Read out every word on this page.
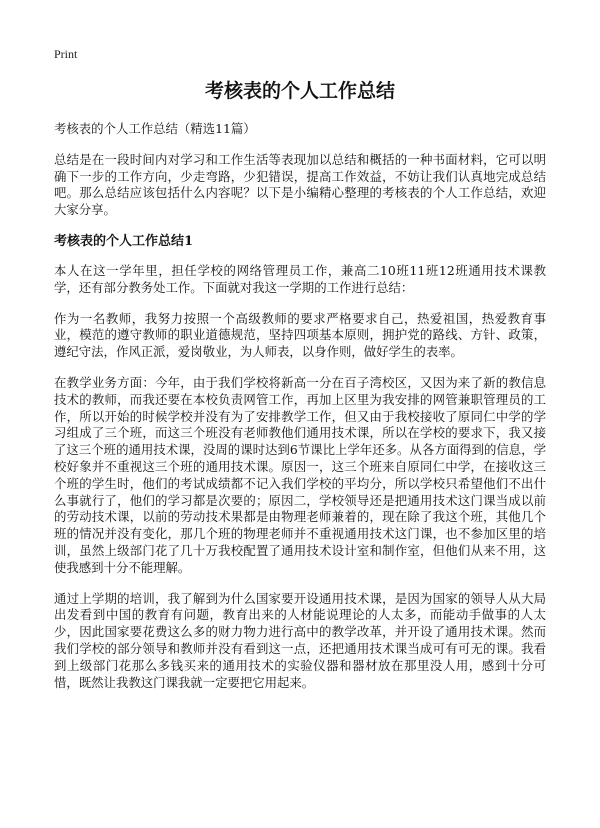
Print
考核表的个人工作总结

考核表的个人工作总结（精选11篇）

总结是在一段时间内对学习和工作生活等表现加以总结和概括的一种书面材料，它可以明确下一步的工作方向，少走弯路，少犯错误，提高工作效益，不妨让我们认真地完成总结吧。那么总结应该包括什么内容呢？以下是小编精心整理的考核表的个人工作总结，欢迎大家分享。

考核表的个人工作总结1

本人在这一学年里，担任学校的网络管理员工作，兼高二10班11班12班通用技术课教学，还有部分教务处工作。下面就对我这一学期的工作进行总结：

作为一名教师，我努力按照一个高级教师的要求严格要求自己，热爱祖国，热爱教育事业，模范的遵守教师的职业道德规范，坚持四项基本原则，拥护党的路线、方针、政策，遵纪守法，作风正派，爱岗敬业，为人师表，以身作则，做好学生的表率。

在教学业务方面：今年，由于我们学校将新高一分在百子湾校区，又因为来了新的教信息技术的教师，而我还要在本校负责网管工作，再加上区里为我安排的网管兼职管理员的工作，所以开始的时候学校并没有为了安排教学工作，但又由于我校接收了原同仁中学的学习组成了三个班，而这三个班没有老师教他们通用技术课，所以在学校的要求下，我又接了这三个班的通用技术课，没周的课时达到6节课比上学年还多。从各方面得到的信息，学校好象并不重视这三个班的通用技术课。原因一，这三个班来自原同仁中学，在接收这三个班的学生时，他们的考试成绩都不记入我们学校的平均分，所以学校只希望他们不出什么事就行了，他们的学习都是次要的；原因二，学校领导还是把通用技术这门课当成以前的劳动技术课，以前的劳动技术果都是由物理老师兼着的，现在除了我这个班，其他几个班的情况并没有变化，那几个班的物理老师并不重视通用技术这门课，也不参加区里的培训，虽然上级部门花了几十万我校配置了通用技术设计室和制作室，但他们从来不用，这使我感到十分不能理解。

通过上学期的培训，我了解到为什么国家要开设通用技术课，是因为国家的领导人从大局出发看到中国的教育有问题，教育出来的人材能说理论的人太多，而能动手做事的人太少，因此国家要花费这么多的财力物力进行高中的教学改革，并开设了通用技术课。然而我们学校的部分领导和教师并没有看到这一点，还把通用技术课当成可有可无的课。我看到上级部门花那么多钱买来的通用技术的实验仪器和器材放在那里没人用，感到十分可惜，既然让我教这门课我就一定要把它用起来。
